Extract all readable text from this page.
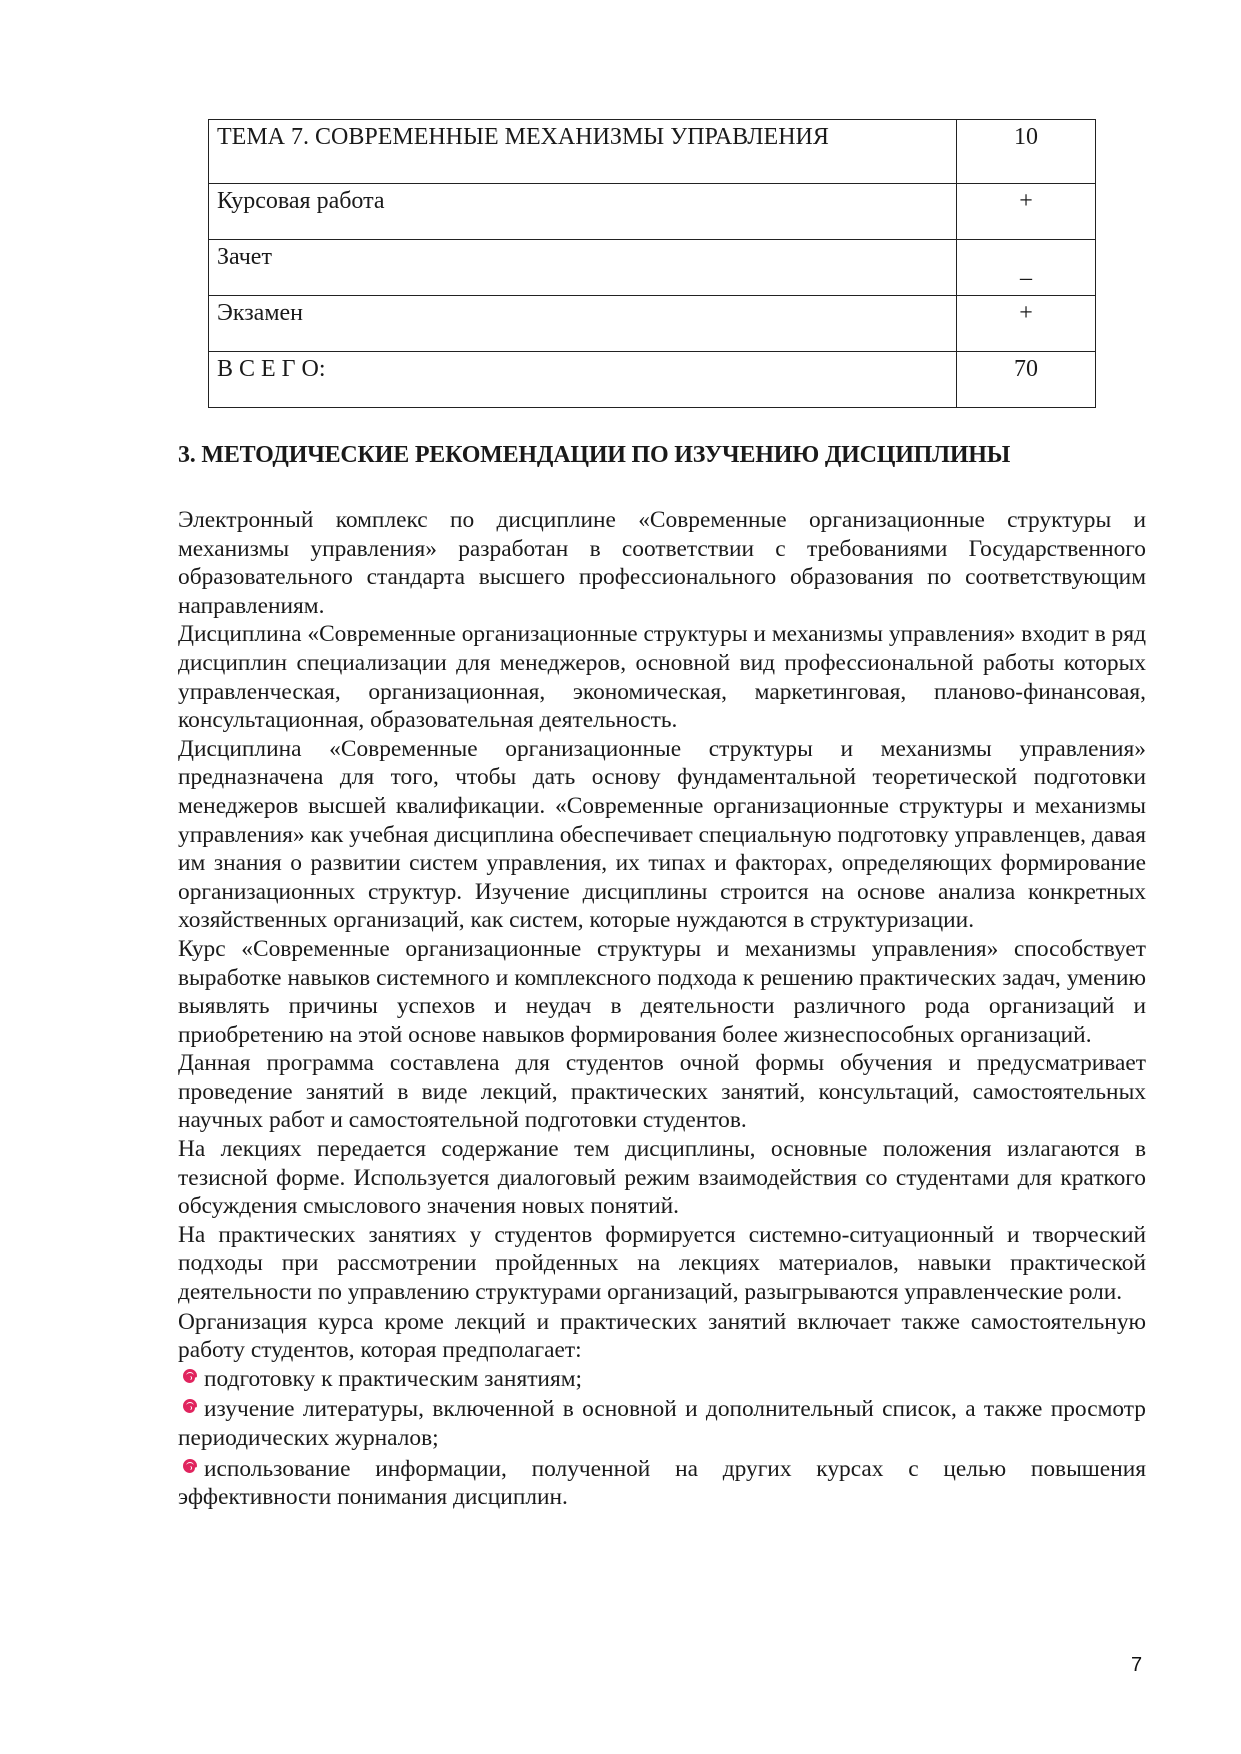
ТЕМА 7. СОВРЕМЕННЫЕ МЕХАНИЗМЫ УПРАВЛЕНИЯ	10
Курсовая работа	+
Зачет	_
Экзамен	+
В С Е Г О:	70
3. МЕТОДИЧЕСКИЕ РЕКОМЕНДАЦИИ ПО ИЗУЧЕНИЮ ДИСЦИПЛИНЫ

Электронный комплекс по дисциплине «Современные организационные структуры и механизмы управления» разработан в соответствии с требованиями Государственного образовательного стандарта высшего профессионального образования по соответствующим направлениям.

Дисциплина «Современные организационные структуры и механизмы управления» входит в ряд дисциплин специализации для менеджеров, основной вид профессиональной работы которых управленческая, организационная, экономическая, маркетинговая, планово-финансовая, консультационная, образовательная деятельность.

Дисциплина «Современные организационные структуры и механизмы управления» предназначена для того, чтобы дать основу фундаментальной теоретической подготовки менеджеров высшей квалификации. «Современные организационные структуры и механизмы управления» как учебная дисциплина обеспечивает специальную подготовку управленцев, давая им знания о развитии систем управления, их типах и факторах, определяющих формирование организационных структур. Изучение дисциплины строится на основе анализа конкретных хозяйственных организаций, как систем, которые нуждаются в структуризации.

Курс «Современные организационные структуры и механизмы управления» способствует выработке навыков системного и комплексного подхода к решению практических задач, умению выявлять причины успехов и неудач в деятельности различного рода организаций и приобретению на этой основе навыков формирования более жизнеспособных организаций.

Данная программа составлена для студентов очной формы обучения и предусматривает проведение занятий в виде лекций, практических занятий, консультаций, самостоятельных научных работ и самостоятельной подготовки студентов.

На лекциях передается содержание тем дисциплины, основные положения излагаются в тезисной форме. Используется диалоговый режим взаимодействия со студентами для краткого обсуждения смыслового значения новых понятий.

На практических занятиях у студентов формируется системно-ситуационный и творческий подходы при рассмотрении пройденных на лекциях материалов, навыки практической деятельности по управлению структурами организаций, разыгрываются управленческие роли.

Организация курса кроме лекций и практических занятий включает также самостоятельную работу студентов, которая предполагает:

подготовку к практическим занятиям;
изучение литературы, включенной в основной и дополнительный список, а также просмотр периодических журналов;
использование информации, полученной на других курсах с целью повышения эффективности понимания дисциплин.
7
